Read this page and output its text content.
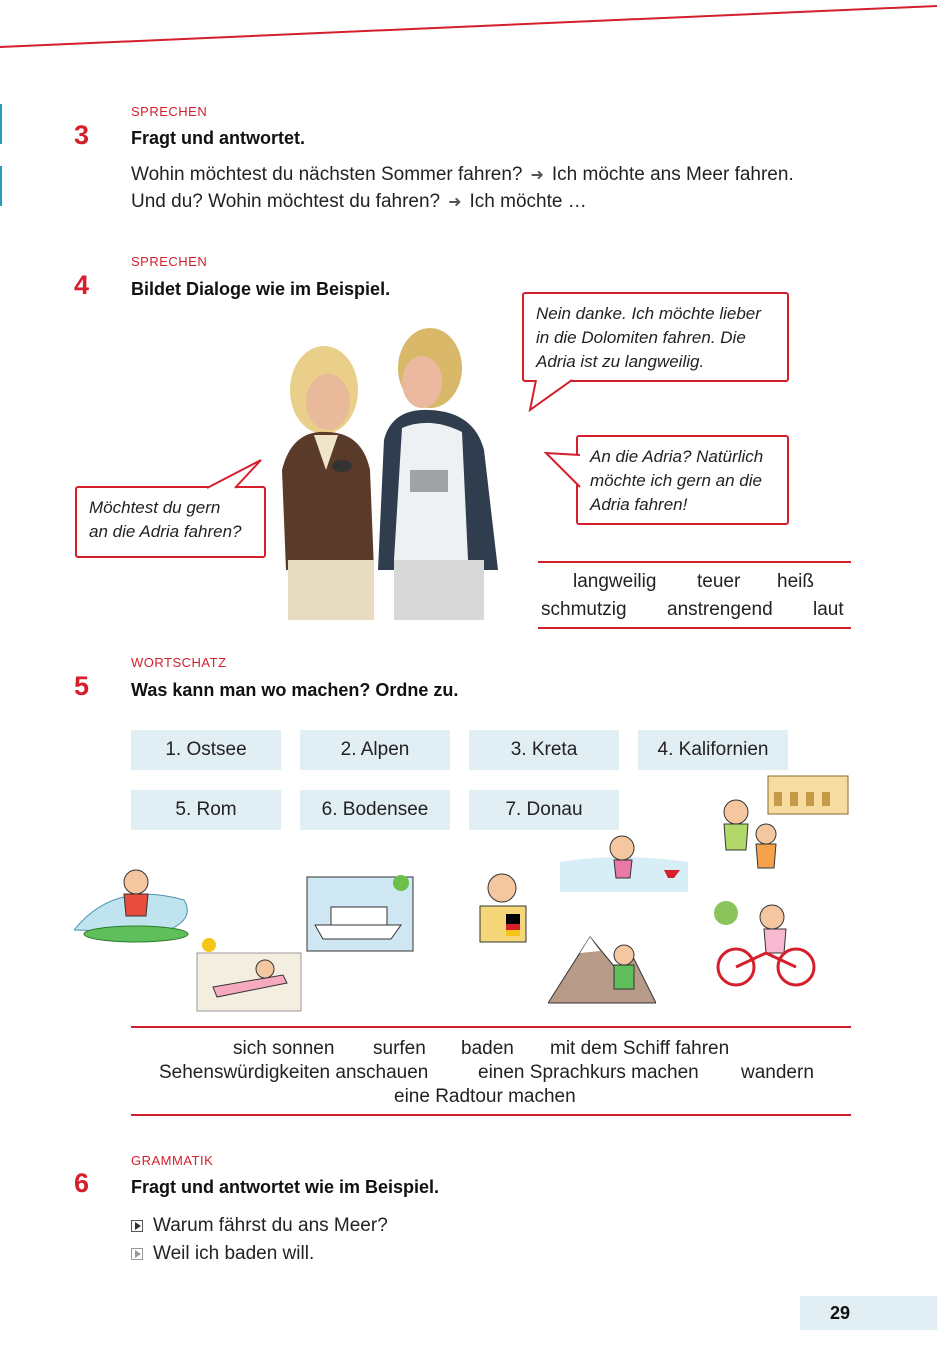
SPRECHEN
3 Fragt und antwortet.
Wohin möchtest du nächsten Sommer fahren? ➜ Ich möchte ans Meer fahren.
Und du? Wohin möchtest du fahren? ➜ Ich möchte …
SPRECHEN
4 Bildet Dialoge wie im Beispiel.
Möchtest du gern
an die Adria fahren?
Nein danke. Ich möchte lieber
in die Dolomiten fahren. Die
Adria ist zu langweilig.
An die Adria? Natürlich
möchte ich gern an die
Adria fahren!
langweilig teuer heiß
schmutzig anstrengend laut
WORTSCHATZ
5 Was kann man wo machen? Ordne zu.
1. Ostsee	2. Alpen	3. Kreta	4. Kalifornien
5. Rom	6. Bodensee	7. Donau
sich sonnen surfen baden mit dem Schiff fahren
Sehenswürdigkeiten anschauen	einen Sprachkurs machen wandern
eine Radtour machen
GRAMMATIK
6 Fragt und antwortet wie im Beispiel.
Warum fährst du ans Meer?
Weil ich baden will.
29
